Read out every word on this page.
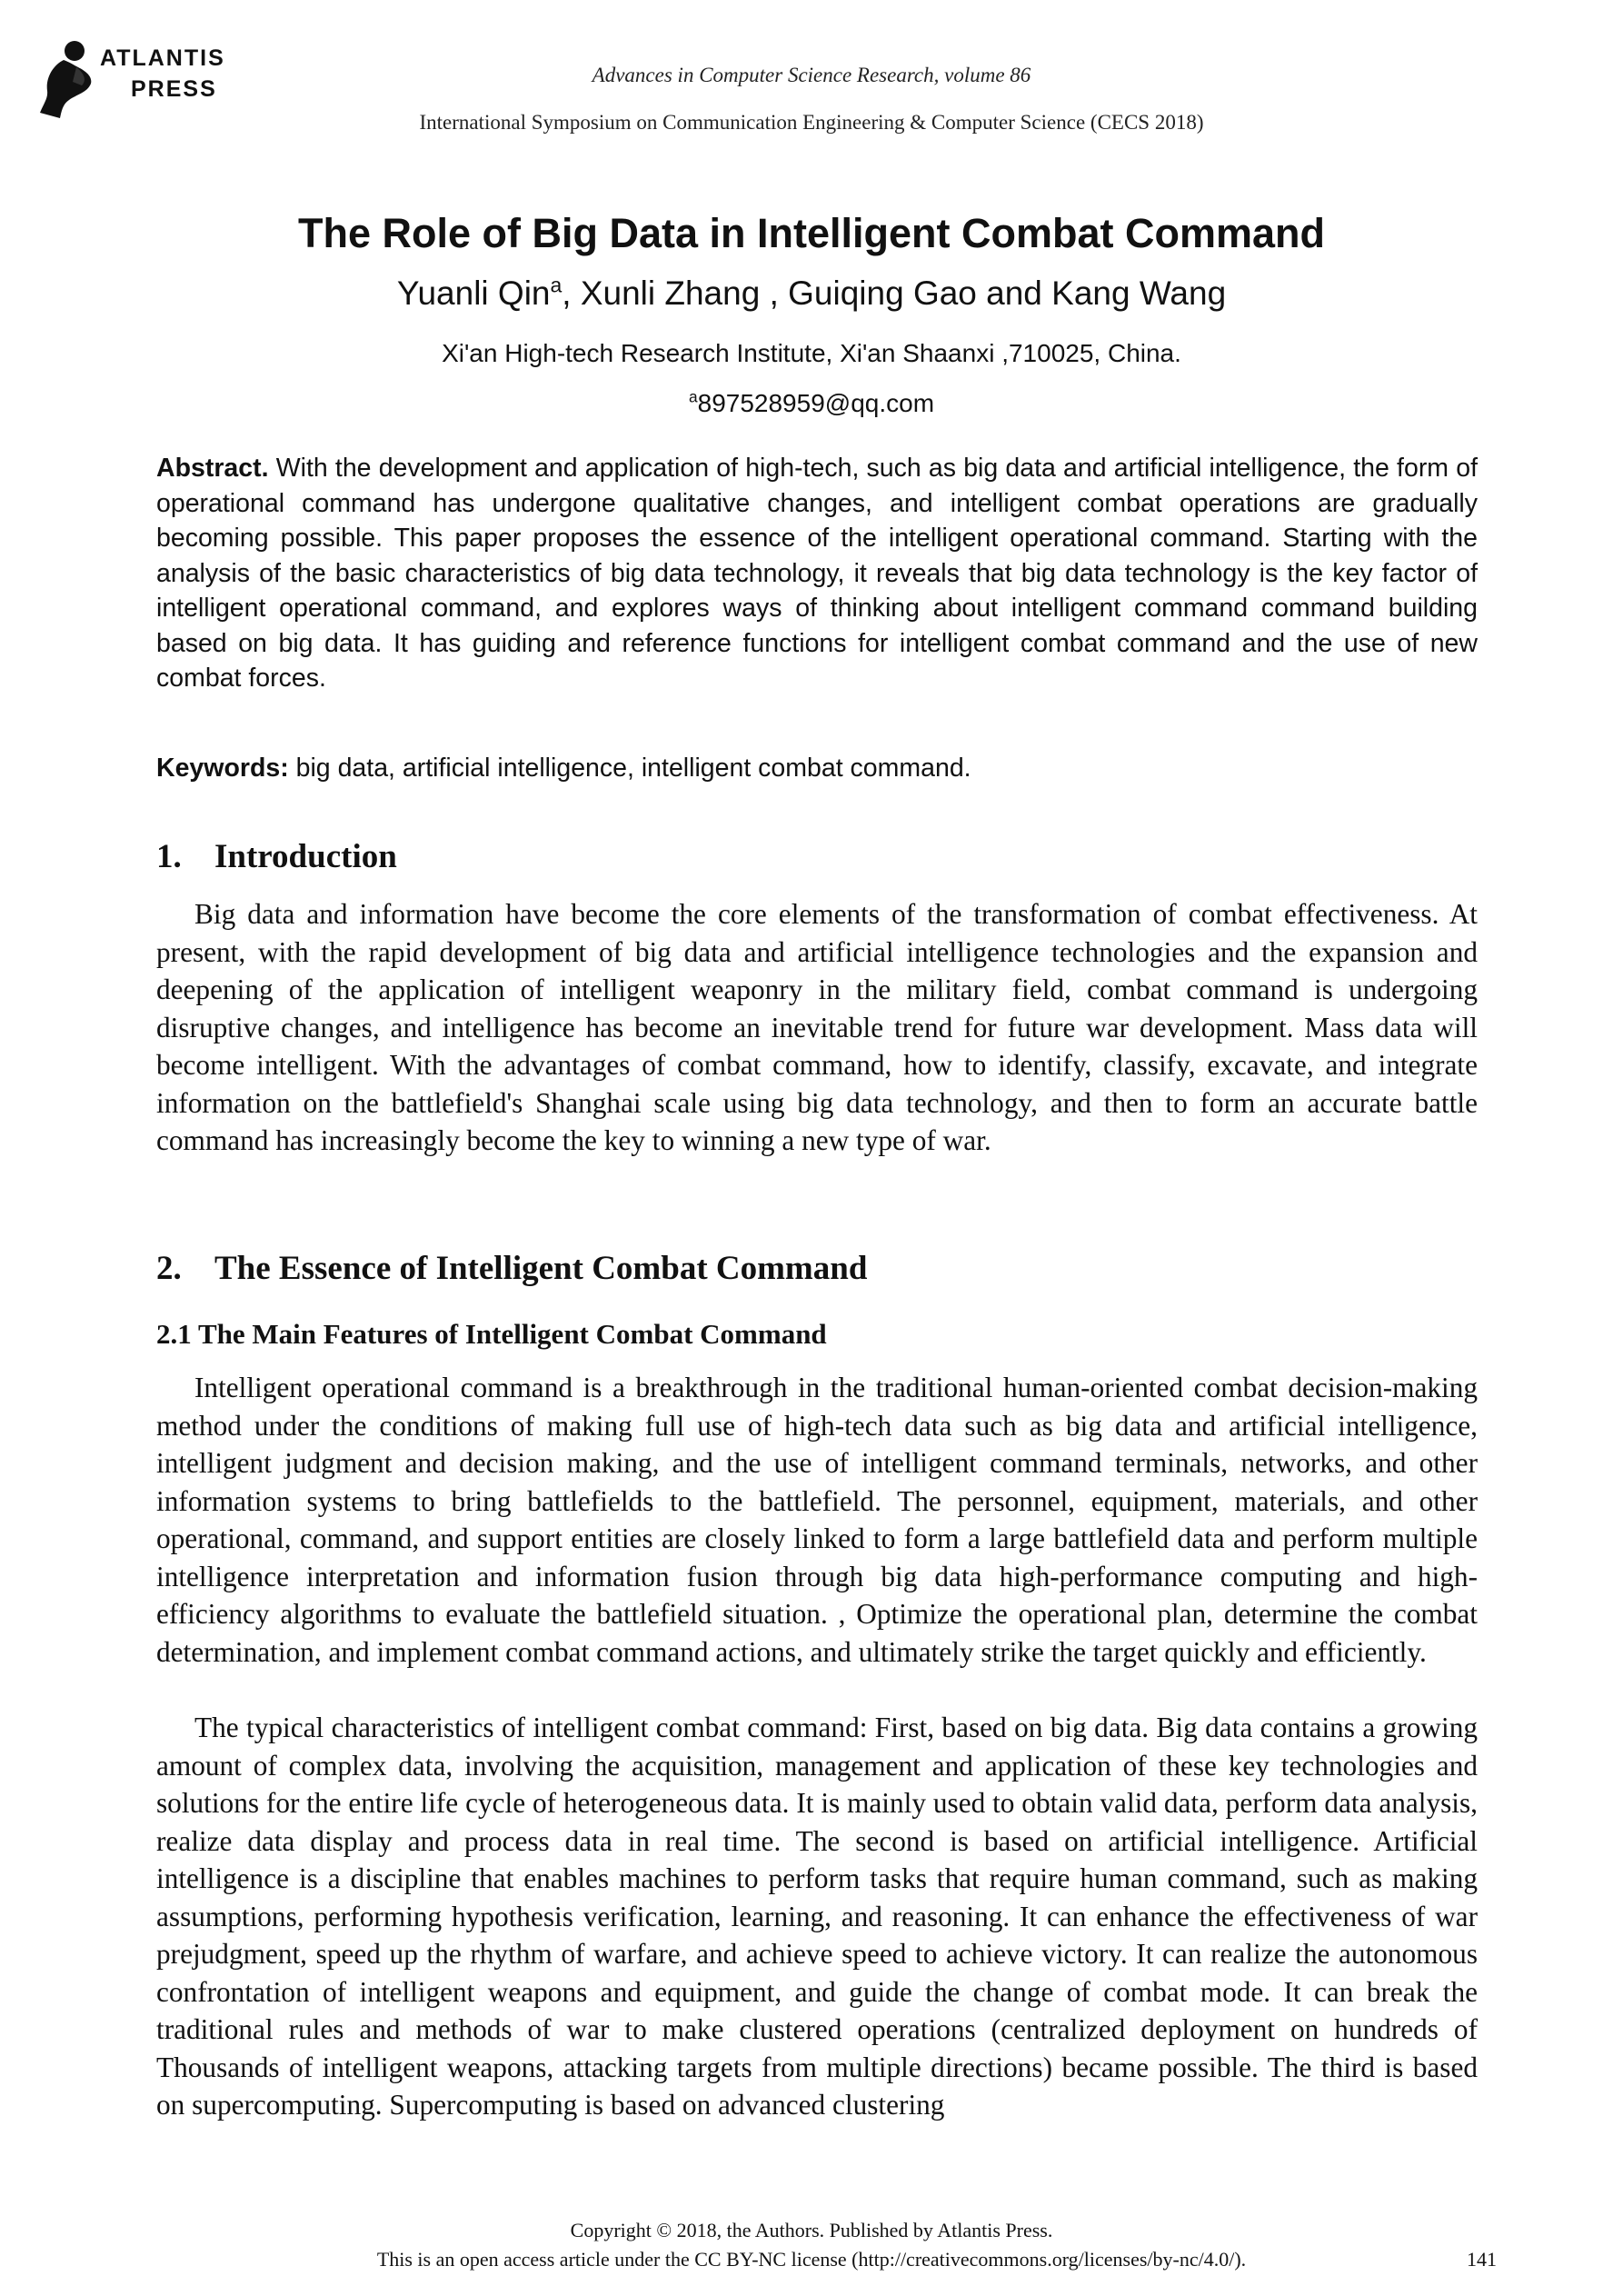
ATLANTIS
PRESS
Advances in Computer Science Research, volume 86
International Symposium on Communication Engineering & Computer Science (CECS 2018)
The Role of Big Data in Intelligent Combat Command
Yuanli Qin$^a$, Xunli Zhang , Guiqing Gao and Kang Wang
Xi'an High-tech Research Institute, Xi'an Shaanxi ,710025, China.
$^a$897528959@qq.com

Abstract. With the development and application of high-tech, such as big data and artificial intelligence, the form of operational command has undergone qualitative changes, and intelligent combat operations are gradually becoming possible. This paper proposes the essence of the intelligent operational command. Starting with the analysis of the basic characteristics of big data technology, it reveals that big data technology is the key factor of intelligent operational command, and explores ways of thinking about intelligent command command building based on big data. It has guiding and reference functions for intelligent combat command and the use of new combat forces.

Keywords: big data, artificial intelligence, intelligent combat command.

1. Introduction

Big data and information have become the core elements of the transformation of combat effectiveness. At present, with the rapid development of big data and artificial intelligence technologies and the expansion and deepening of the application of intelligent weaponry in the military field, combat command is undergoing disruptive changes, and intelligence has become an inevitable trend for future war development. Mass data will become intelligent. With the advantages of combat command, how to identify, classify, excavate, and integrate information on the battlefield's Shanghai scale using big data technology, and then to form an accurate battle command has increasingly become the key to winning a new type of war.

2. The Essence of Intelligent Combat Command
2.1 The Main Features of Intelligent Combat Command

Intelligent operational command is a breakthrough in the traditional human-oriented combat decision-making method under the conditions of making full use of high-tech data such as big data and artificial intelligence, intelligent judgment and decision making, and the use of intelligent command terminals, networks, and other information systems to bring battlefields to the battlefield. The personnel, equipment, materials, and other operational, command, and support entities are closely linked to form a large battlefield data and perform multiple intelligence interpretation and information fusion through big data high-performance computing and high-efficiency algorithms to evaluate the battlefield situation. , Optimize the operational plan, determine the combat determination, and implement combat command actions, and ultimately strike the target quickly and efficiently.

The typical characteristics of intelligent combat command: First, based on big data. Big data contains a growing amount of complex data, involving the acquisition, management and application of these key technologies and solutions for the entire life cycle of heterogeneous data. It is mainly used to obtain valid data, perform data analysis, realize data display and process data in real time. The second is based on artificial intelligence. Artificial intelligence is a discipline that enables machines to perform tasks that require human command, such as making assumptions, performing hypothesis verification, learning, and reasoning. It can enhance the effectiveness of war prejudgment, speed up the rhythm of warfare, and achieve speed to achieve victory. It can realize the autonomous confrontation of intelligent weapons and equipment, and guide the change of combat mode. It can break the traditional rules and methods of war to make clustered operations (centralized deployment on hundreds of Thousands of intelligent weapons, attacking targets from multiple directions) became possible. The third is based on supercomputing. Supercomputing is based on advanced clustering

Copyright © 2018, the Authors. Published by Atlantis Press.
This is an open access article under the CC BY-NC license (http://creativecommons.org/licenses/by-nc/4.0/).	141
